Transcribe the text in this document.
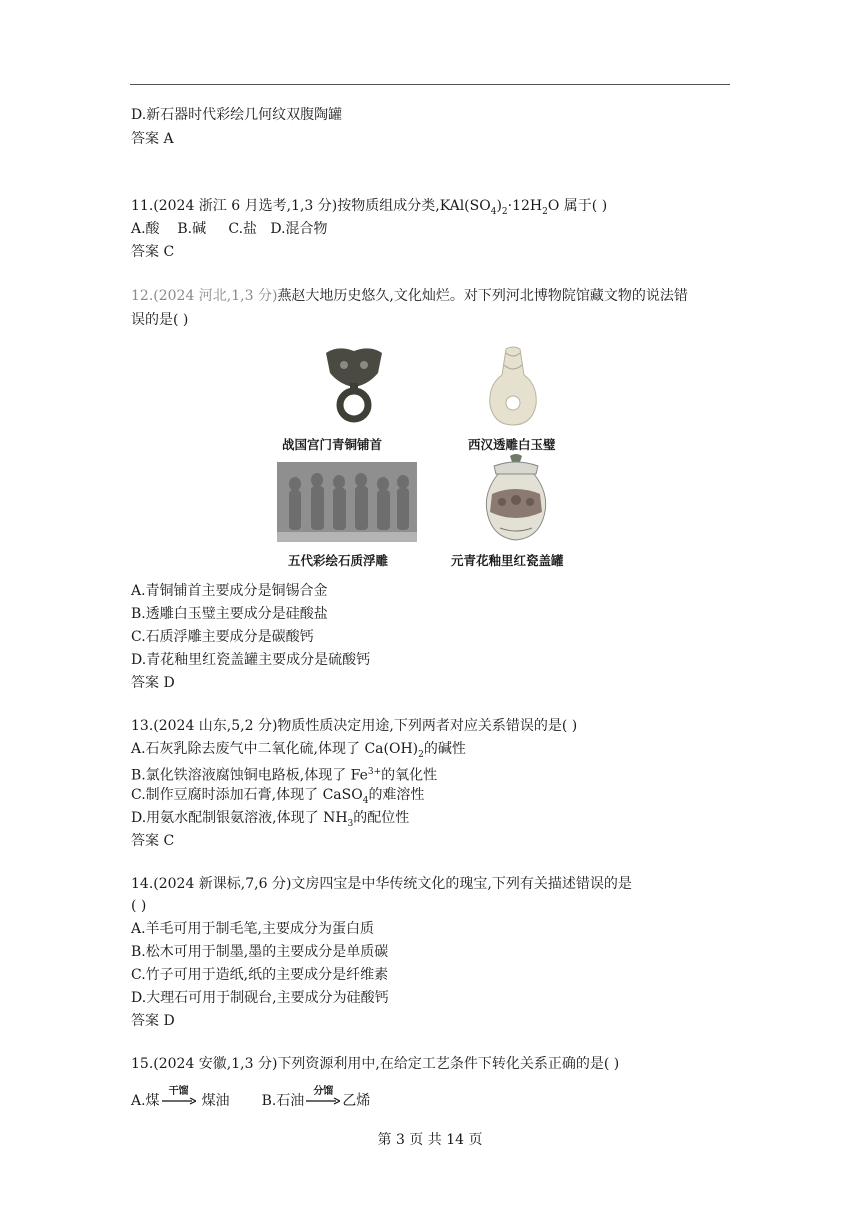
D.新石器时代彩绘几何纹双腹陶罐
答案 A
11.(2024 浙江 6 月选考,1,3 分)按物质组成分类$,KAl(SO_4)_2\cdot 12H_2O$ 属于( )
A.酸    B.碱     C.盐   D.混合物
答案 C
12.(2024 河北,1,3 分)燕赵大地历史悠久,文化灿烂。对下列河北博物院馆藏文物的说法错
误的是( )
战国宫门青铜铺首	西汉透雕白玉璧
五代彩绘石质浮雕	元青花釉里红瓷盖罐
A.青铜铺首主要成分是铜锡合金
B.透雕白玉璧主要成分是硅酸盐
C.石质浮雕主要成分是碳酸钙
D.青花釉里红瓷盖罐主要成分是硫酸钙
答案 D
13.(2024 山东,5,2 分)物质性质决定用途,下列两者对应关系错误的是( )
A.石灰乳除去废气中二氧化硫,体现了 $Ca(OH)_2$的碱性
B.氯化铁溶液腐蚀铜电路板,体现了 $Fe^{3+}$的氧化性
C.制作豆腐时添加石膏,体现了 CaSO$_4$的难溶性
D.用氨水配制银氨溶液,体现了 $NH_3$的配位性
答案 C
14.(2024 新课标,7,6 分)文房四宝是中华传统文化的瑰宝,下列有关描述错误的是
( )
A.羊毛可用于制毛笔,主要成分为蛋白质
B.松木可用于制墨,墨的主要成分是单质碳
C.竹子可用于造纸,纸的主要成分是纤维素
D.大理石可用于制砚台,主要成分为硅酸钙
答案 D
15.(2024 安徽,1,3 分)下列资源利用中,在给定工艺条件下转化关系正确的是( )
A.煤
干馏
煤油 B.石油
分馏
乙烯
第 3 页 共 14 页
